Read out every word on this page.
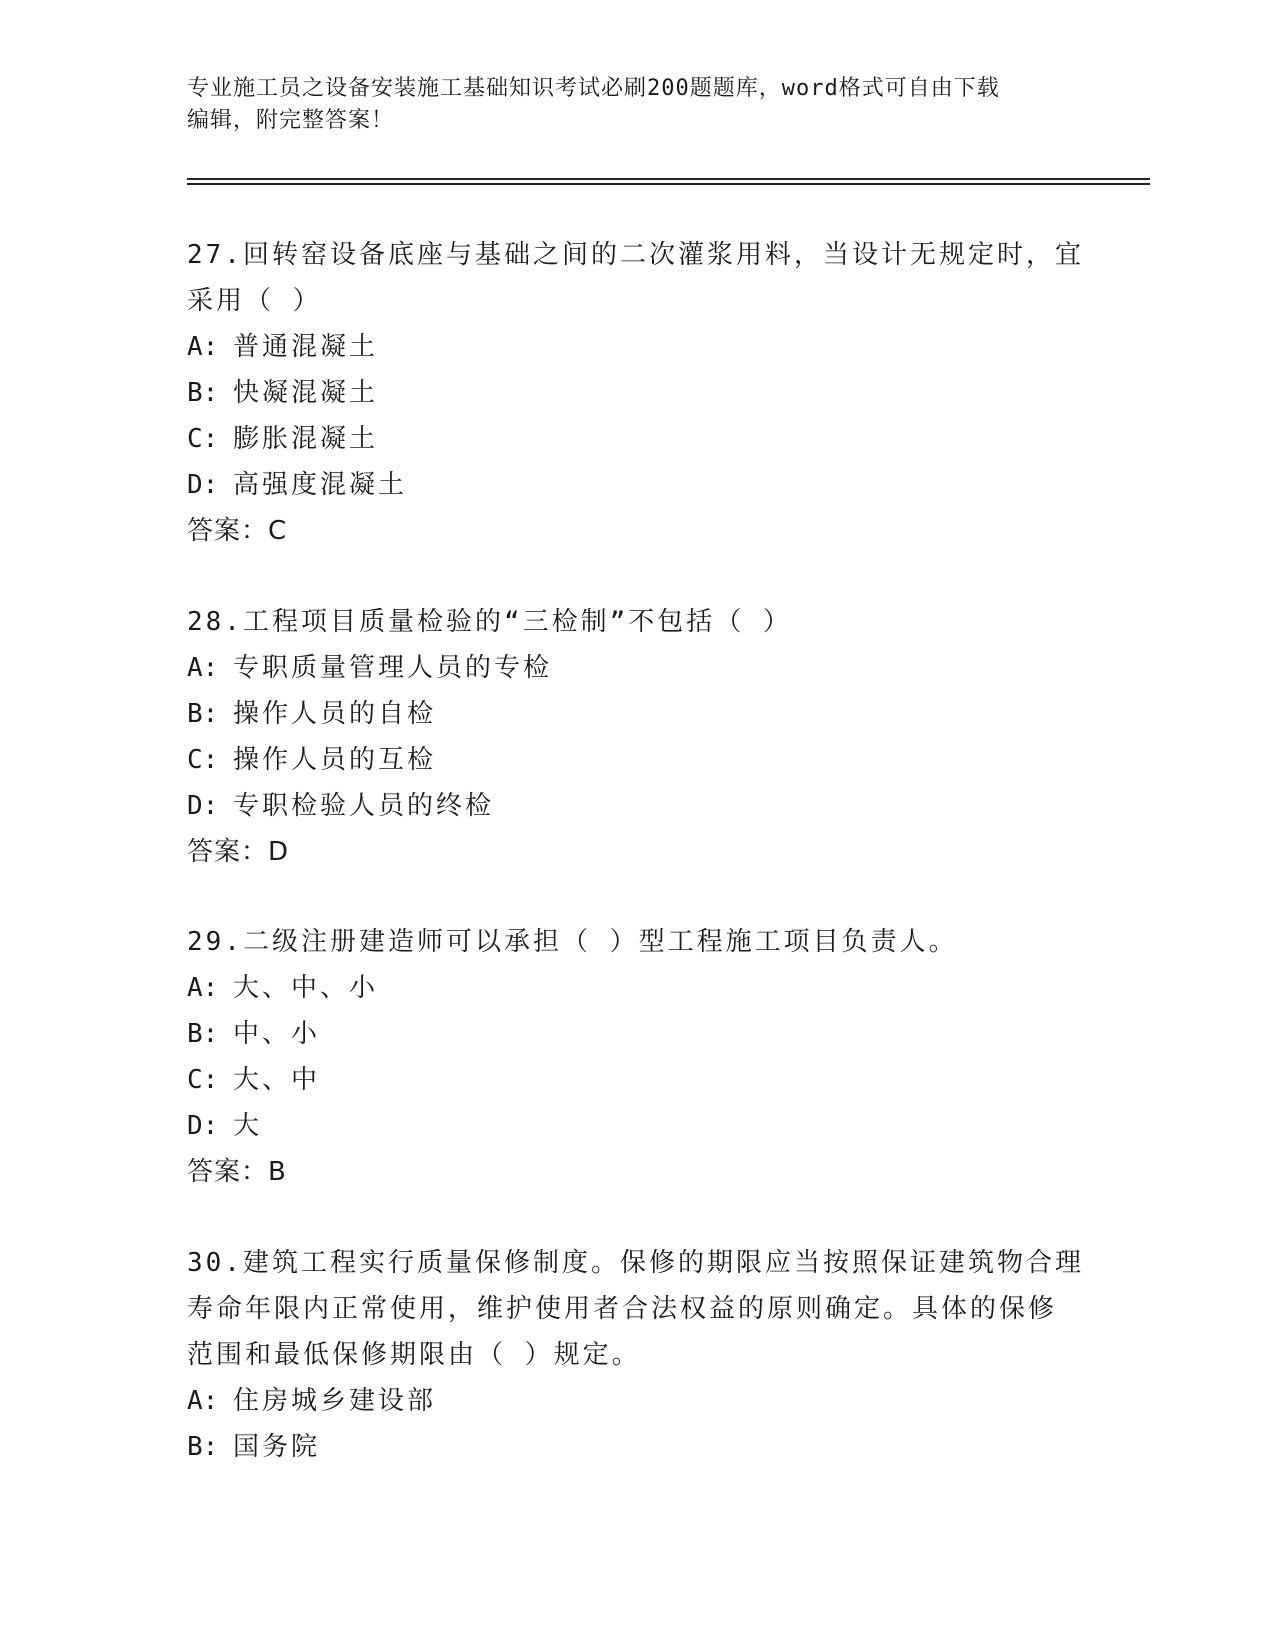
专业施工员之设备安装施工基础知识考试必刷200题题库，word格式可自由下载
编辑，附完整答案！
27.回转窑设备底座与基础之间的二次灌浆用料，当设计无规定时，宜
采用（ ）
A: 普通混凝土
B: 快凝混凝土
C: 膨胀混凝土
D: 高强度混凝土
答案：C
28.工程项目质量检验的“三检制”不包括（ ）
A: 专职质量管理人员的专检
B: 操作人员的自检
C: 操作人员的互检
D: 专职检验人员的终检
答案：D
29.二级注册建造师可以承担（ ）型工程施工项目负责人。
A: 大、中、小
B: 中、小
C: 大、中
D: 大
答案：B
30.建筑工程实行质量保修制度。保修的期限应当按照保证建筑物合理
寿命年限内正常使用，维护使用者合法权益的原则确定。具体的保修
范围和最低保修期限由（ ）规定。
A: 住房城乡建设部
B: 国务院
